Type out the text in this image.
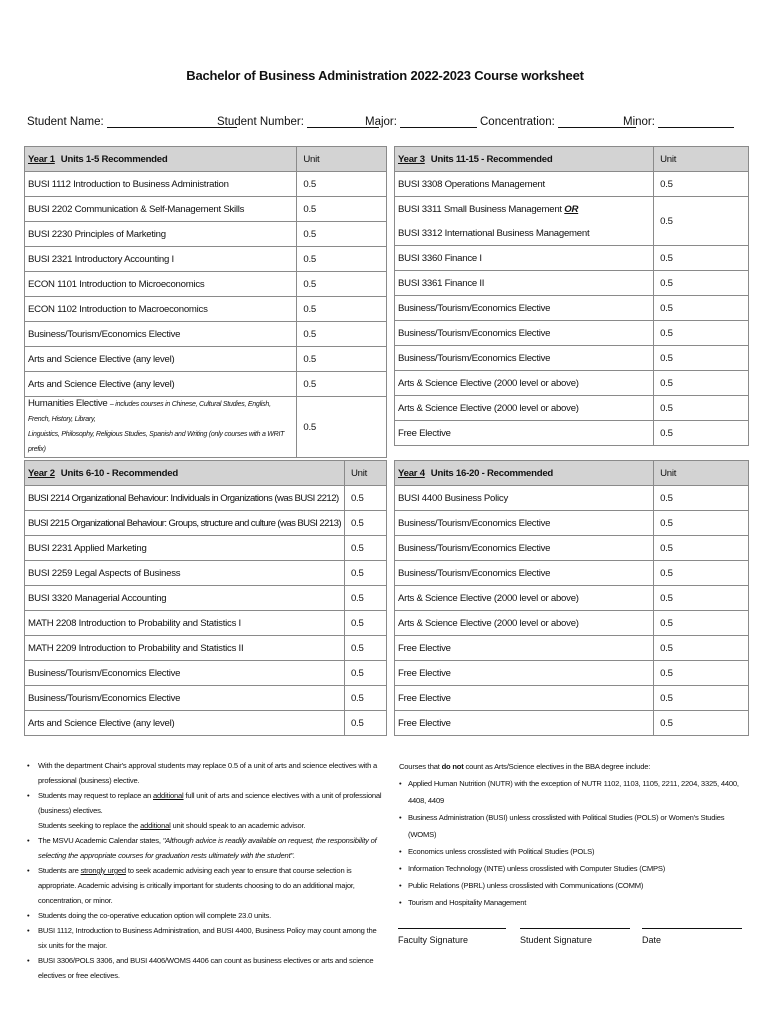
Bachelor of Business Administration 2022-2023 Course worksheet
Student Name:	Student Number:	Major:	Concentration:	Minor:
Year 1 Units 1-5 Recommended	Unit
BUSI 1112 Introduction to Business Administration	0.5
BUSI 2202 Communication & Self-Management Skills	0.5
BUSI 2230 Principles of Marketing	0.5
BUSI 2321 Introductory Accounting I	0.5
ECON 1101 Introduction to Microeconomics	0.5
ECON 1102 Introduction to Macroeconomics	0.5
Business/Tourism/Economics Elective	0.5
Arts and Science Elective (any level)	0.5
Arts and Science Elective (any level)	0.5
Humanities Elective – includes courses in Chinese, Cultural Studies, English, French, History, Library,
Linguistics, Philosophy, Religious Studies, Spanish and Writing (only courses with a WRIT prefix)	0.5
Year 3 Units 11-15 - Recommended	Unit
BUSI 3308 Operations Management	0.5
BUSI 3311 Small Business Management OR	0.5
BUSI 3312 International Business Management	
BUSI 3360 Finance I	0.5
BUSI 3361 Finance II	0.5
Business/Tourism/Economics Elective	0.5
Business/Tourism/Economics Elective	0.5
Business/Tourism/Economics Elective	0.5
Arts & Science Elective (2000 level or above)	0.5
Arts & Science Elective (2000 level or above)	0.5
Free Elective	0.5
Year 2 Units 6-10 - Recommended	Unit
BUSI 2214 Organizational Behaviour: Individuals in Organizations (was BUSI 2212)	0.5
BUSI 2215 Organizational Behaviour: Groups, structure and culture (was BUSI 2213)	0.5
BUSI 2231 Applied Marketing	0.5
BUSI 2259 Legal Aspects of Business	0.5
BUSI 3320 Managerial Accounting	0.5
MATH 2208 Introduction to Probability and Statistics I	0.5
MATH 2209 Introduction to Probability and Statistics II	0.5
Business/Tourism/Economics Elective	0.5
Business/Tourism/Economics Elective	0.5
Arts and Science Elective (any level)	0.5
Year 4 Units 16-20 - Recommended	Unit
BUSI 4400 Business Policy	0.5
Business/Tourism/Economics Elective	0.5
Business/Tourism/Economics Elective	0.5
Business/Tourism/Economics Elective	0.5
Arts & Science Elective (2000 level or above)	0.5
Arts & Science Elective (2000 level or above)	0.5
Free Elective	0.5
Free Elective	0.5
Free Elective	0.5
Free Elective	0.5
• With the department Chair's approval students may replace 0.5 of a unit of arts and science electives with a professional (business) elective.
• Students may request to replace an additional full unit of arts and science electives with a unit of professional (business) electives.
Students seeking to replace the additional unit should speak to an academic advisor.
• The MSVU Academic Calendar states, "Although advice is readily available on request, the responsibility of selecting the appropriate courses for graduation rests ultimately with the student".
• Students are strongly urged to seek academic advising each year to ensure that course selection is appropriate. Academic advising is critically important for students choosing to do an additional major, concentration, or minor.
• Students doing the co-operative education option will complete 23.0 units.
• BUSI 1112, Introduction to Business Administration, and BUSI 4400, Business Policy may count among the six units for the major.
• BUSI 3306/POLS 3306, and BUSI 4406/WOMS 4406 can count as business electives or arts and science electives or free electives.
Courses that do not count as Arts/Science electives in the BBA degree include:
• Applied Human Nutrition (NUTR) with the exception of NUTR 1102, 1103, 1105, 2211, 2204, 3325, 4400, 4408, 4409
• Business Administration (BUSI) unless crosslisted with Political Studies (POLS) or Women's Studies (WOMS)
• Economics unless crosslisted with Political Studies (POLS)
• Information Technology (INTE) unless crosslisted with Computer Studies (CMPS)
• Public Relations (PBRL) unless crosslisted with Communications (COMM)
• Tourism and Hospitality Management
Faculty Signature	Student Signature	Date
